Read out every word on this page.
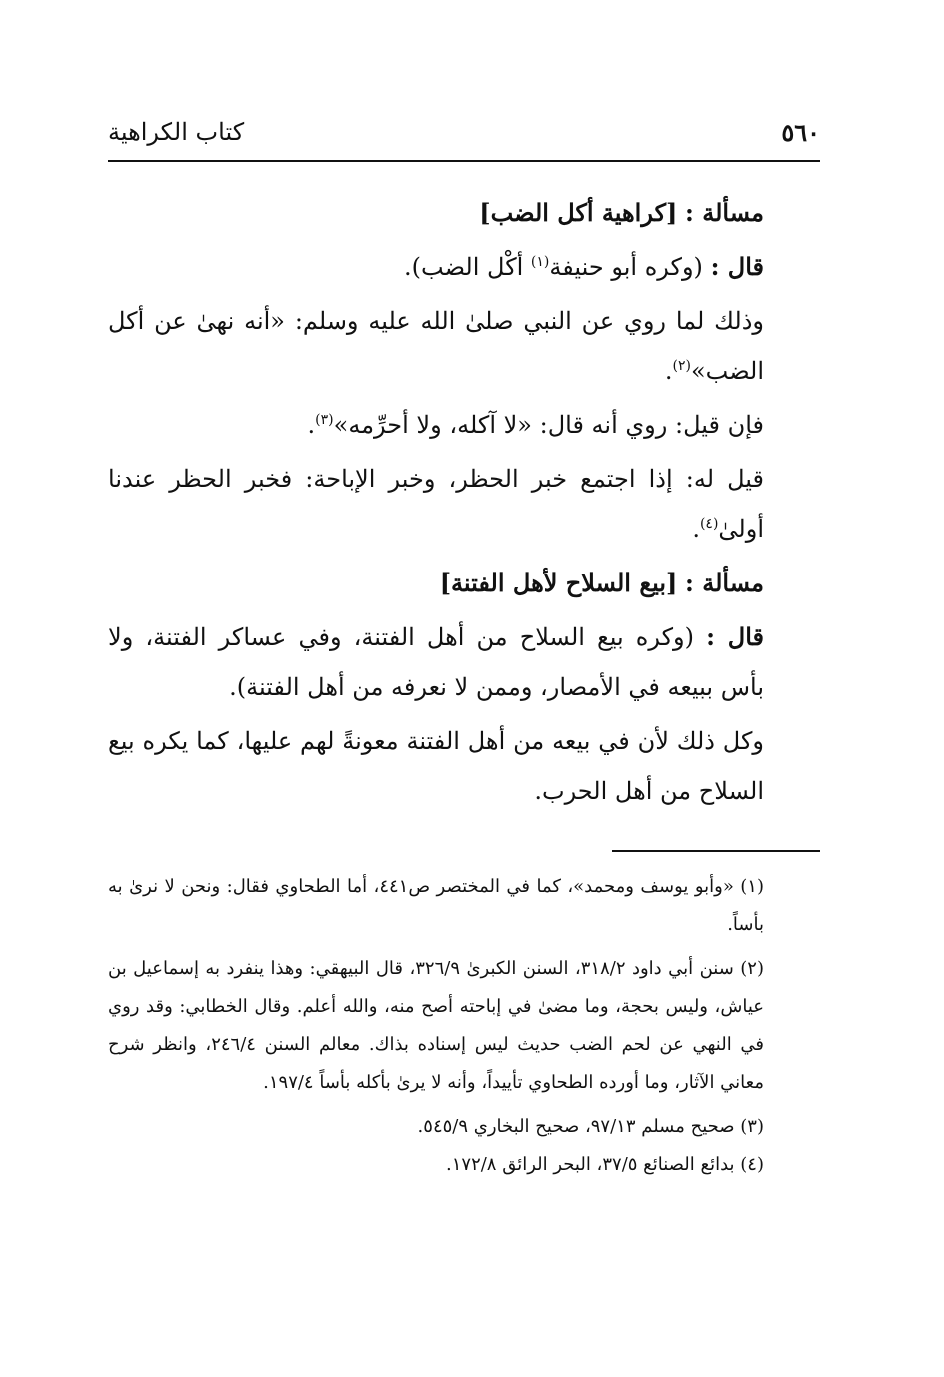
٥٦٠
كتاب الكراهية

مسألة : [كراهية أكل الضب]

قال : (وكره أبو حنيفة$^{(١)}$ أكْل الضب).

وذلك لما روي عن النبي صلىٰ الله عليه وسلم: «أنه نهىٰ عن أكل الضب»$^{(٢)}$.

فإن قيل: روي أنه قال: «لا آكله، ولا أحرِّمه»$^{(٣)}$.

قيل له: إذا اجتمع خبر الحظر، وخبر الإباحة: فخبر الحظر عندنا أولىٰ$^{(٤)}$.

مسألة : [بيع السلاح لأهل الفتنة]

قال : (وكره بيع السلاح من أهل الفتنة، وفي عساكر الفتنة، ولا بأس ببيعه في الأمصار، وممن لا نعرفه من أهل الفتنة).

وكل ذلك لأن في بيعه من أهل الفتنة معونةً لهم عليها، كما يكره بيع السلاح من أهل الحرب.

(١) «وأبو يوسف ومحمد»، كما في المختصر ص٤٤١، أما الطحاوي فقال: ونحن لا نرىٰ به بأساً.

(٢) سنن أبي داود ٣١٨/٢، السنن الكبرىٰ ٣٢٦/٩، قال البيهقي: وهذا ينفرد به إسماعيل بن عياش، وليس بحجة، وما مضىٰ في إباحته أصح منه، والله أعلم. وقال الخطابي: وقد روي في النهي عن لحم الضب حديث ليس إسناده بذاك. معالم السنن ٢٤٦/٤، وانظر شرح معاني الآثار، وما أورده الطحاوي تأييداً، وأنه لا يرىٰ بأكله بأساً ١٩٧/٤.

(٣) صحيح مسلم ٩٧/١٣، صحيح البخاري ٥٤٥/٩.

(٤) بدائع الصنائع ٣٧/٥، البحر الرائق ١٧٢/٨.
